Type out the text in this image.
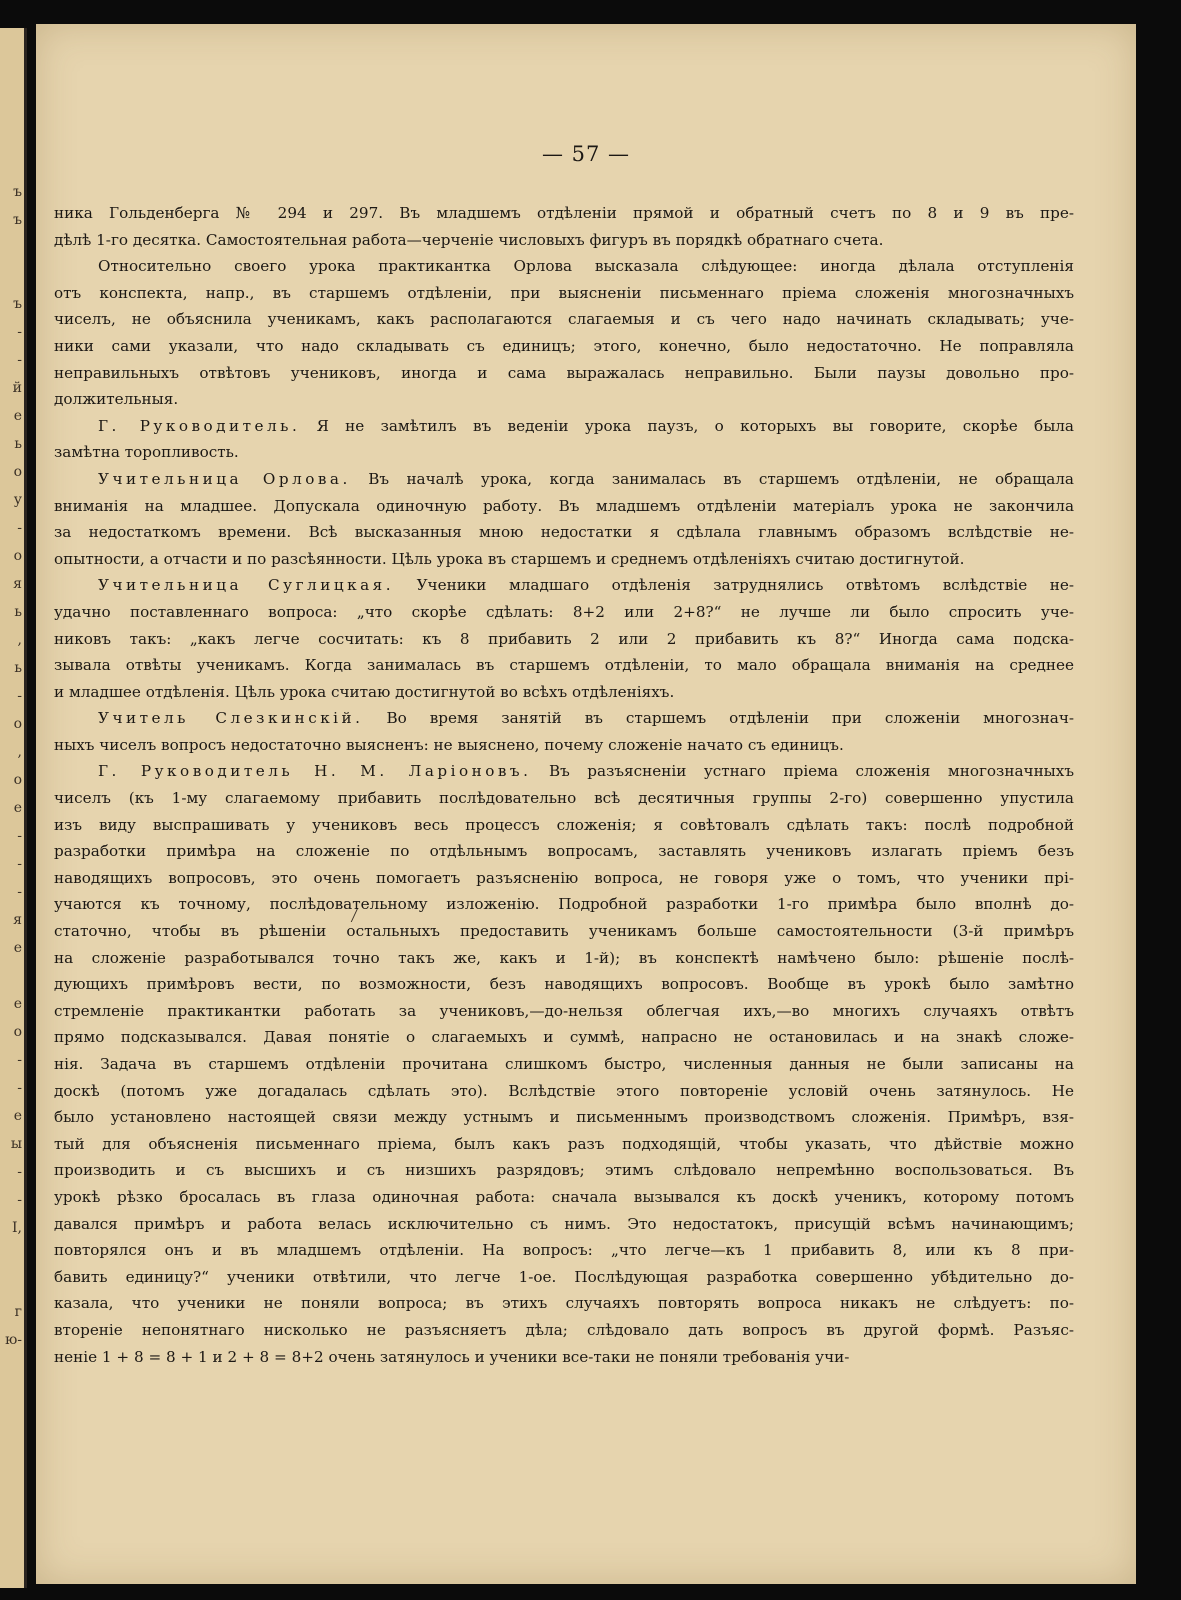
ъ
ъ

ъ
-
-
й
e
ь
о
у
-
о
я
ь
,
ь
-
о
,
о
e
-
-
-
я
е

e
о
-
-
e
ы
-
-
I,

г
ю-
— 57 —

ника Гольденберга № 294 и 297. Въ младшемъ отдѣленіи прямой и обратный счетъ по 8 и 9 въ пре-
дѣлѣ 1-го десятка. Самостоятельная работа—черченіе числовыхъ фигуръ въ порядкѣ обратнаго счета.

Относительно своего урока практикантка Орлова высказала слѣдующее: иногда дѣлала отступленія
отъ конспекта, напр., въ старшемъ отдѣленіи, при выясненіи письменнаго пріема сложенія многозначныхъ
чиселъ, не объяснила ученикамъ, какъ располагаются слагаемыя и съ чего надо начинать складывать; уче-
ники сами указали, что надо складывать съ единицъ; этого, конечно, было недостаточно. Не поправляла
неправильныхъ отвѣтовъ учениковъ, иногда и сама выражалась неправильно. Были паузы довольно про-
должительныя.

Г. Руководитель. Я не замѣтилъ въ веденіи урока паузъ, о которыхъ вы говорите, скорѣе была
замѣтна торопливость.

Учительница Орлова. Въ началѣ урока, когда занималась въ старшемъ отдѣленіи, не обращала
вниманія на младшее. Допускала одиночную работу. Въ младшемъ отдѣленіи матеріалъ урока не закончила
за недостаткомъ времени. Всѣ высказанныя мною недостатки я сдѣлала главнымъ образомъ вслѣдствіе не-
опытности, а отчасти и по разсѣянности. Цѣль урока въ старшемъ и среднемъ отдѣленіяхъ считаю достигнутой.

Учительница Суглицкая. Ученики младшаго отдѣленія затруднялись отвѣтомъ вслѣдствіе не-
удачно поставленнаго вопроса: „что скорѣе сдѣлать: 8+2 или 2+8?“ не лучше ли было спросить уче-
никовъ такъ: „какъ легче сосчитать: къ 8 прибавить 2 или 2 прибавить къ 8?“ Иногда сама подска-
зывала отвѣты ученикамъ. Когда занималась въ старшемъ отдѣленіи, то мало обращала вниманія на среднее
и младшее отдѣленія. Цѣль урока считаю достигнутой во всѣхъ отдѣленіяхъ.

Учитель Слезкинскій. Во время занятій въ старшемъ отдѣленіи при сложеніи многознач-
ныхъ чиселъ вопросъ недостаточно выясненъ: не выяснено, почему сложеніе начато съ единицъ.

Г. Руководитель Н. М. Ларіоновъ. Въ разъясненіи устнаго пріема сложенія многозначныхъ
чиселъ (къ 1-му слагаемому прибавить послѣдовательно всѣ десятичныя группы 2-го) совершенно упустила
изъ виду выспрашивать у учениковъ весь процессъ сложенія; я совѣтовалъ сдѣлать такъ: послѣ подробной
разработки примѣра на сложеніе по отдѣльнымъ вопросамъ, заставлять учениковъ излагать пріемъ безъ
наводящихъ вопросовъ, это очень помогаетъ разъясненію вопроса, не говоря уже о томъ, что ученики прі-
учаются къ точному, послѣдовательному изложенію. Подробной разработки 1-го примѣра было вполнѣ до-
статочно, чтобы въ рѣшеніи остальныхъ предоставить ученикамъ больше самостоятельности (3-й примѣръ
на сложеніе разработывался точно такъ же, какъ и 1-й); въ конспектѣ намѣчено было: рѣшеніе послѣ-
дующихъ примѣровъ вести, по возможности, безъ наводящихъ вопросовъ. Вообще въ урокѣ было замѣтно
стремленіе практикантки работать за учениковъ,—до-нельзя облегчая ихъ,—во многихъ случаяхъ отвѣтъ
прямо подсказывался. Давая понятіе о слагаемыхъ и суммѣ, напрасно не остановилась и на знакѣ сложе-
нія. Задача въ старшемъ отдѣленіи прочитана слишкомъ быстро, численныя данныя не были записаны на
доскѣ (потомъ уже догадалась сдѣлать это). Вслѣдствіе этого повтореніе условій очень затянулось. Не
было установлено настоящей связи между устнымъ и письменнымъ производствомъ сложенія. Примѣръ, взя-
тый для объясненія письменнаго пріема, былъ какъ разъ подходящій, чтобы указать, что дѣйствіе можно
производить и съ высшихъ и съ низшихъ разрядовъ; этимъ слѣдовало непремѣнно воспользоваться. Въ
урокѣ рѣзко бросалась въ глаза одиночная работа: сначала вызывался къ доскѣ ученикъ, которому потомъ
давался примѣръ и работа велась исключительно съ нимъ. Это недостатокъ, присущій всѣмъ начинающимъ;
повторялся онъ и въ младшемъ отдѣленіи. На вопросъ: „что легче—къ 1 прибавить 8, или къ 8 при-
бавить единицу?“ ученики отвѣтили, что легче 1-ое. Послѣдующая разработка совершенно убѣдительно до-
казала, что ученики не поняли вопроса; въ этихъ случаяхъ повторять вопроса никакъ не слѣдуетъ: по-
втореніе непонятнаго нисколько не разъясняетъ дѣла; слѣдовало дать вопросъ въ другой формѣ. Разъяс-
неніе 1 + 8 = 8 + 1 и 2 + 8 = 8+2 очень затянулось и ученики все-таки не поняли требованія учи-
